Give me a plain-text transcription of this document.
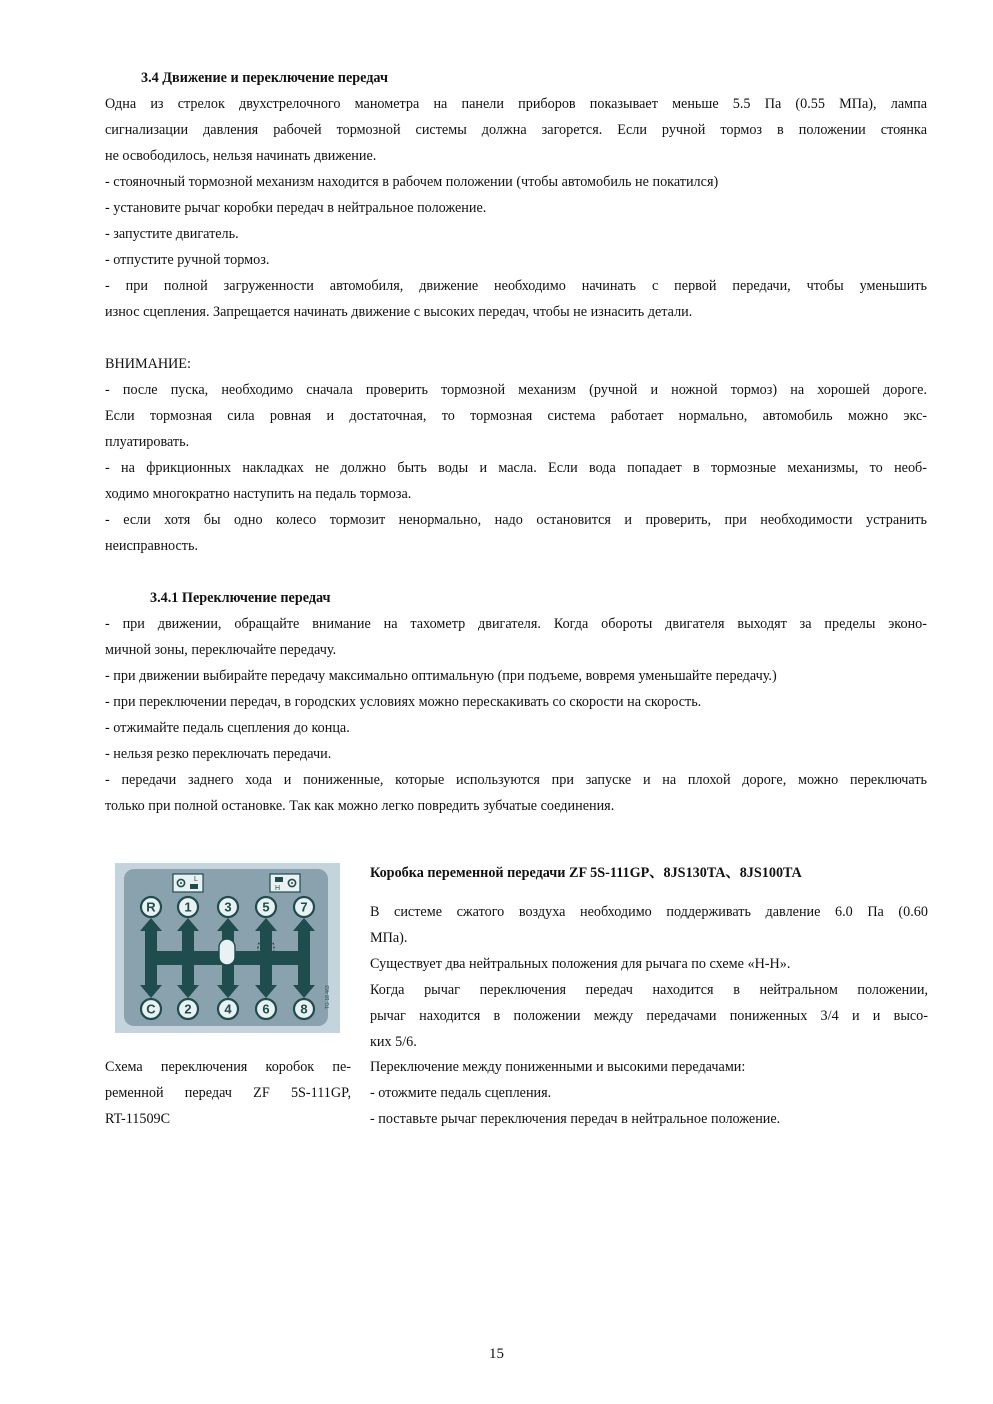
3.4 Движение и переключение передач
Одна из стрелок двухстрелочного манометра на панели приборов показывает меньше 5.5 Па (0.55 МПа), лампа
сигнализации давления рабочей тормозной системы должна загорется. Если ручной тормоз в положении стоянка
не освободилось, нельзя начинать движение.
- стояночный тормозной механизм находится в рабочем положении (чтобы автомобиль не покатился)
- установите рычаг коробки передач в нейтральное положение.
- запустите двигатель.
- отпустите ручной тормоз.
- при полной загруженности автомобиля, движение необходимо начинать с первой передачи, чтобы уменьшить
износ сцепления. Запрещается начинать движение с высоких передач, чтобы не изнасить детали.
ВНИМАНИЕ:
- после пуска, необходимо сначала проверить тормозной механизм (ручной и ножной тормоз) на хорошей дороге.
Если тормозная сила ровная и достаточная, то тормозная система работает нормально, автомобиль можно экс-
плуатировать.
- на фрикционных накладках не должно быть воды и масла. Если вода попадает в тормозные механизмы, то необ-
ходимо многократно наступить на педаль тормоза.
- если хотя бы одно колесо тормозит ненормально, надо остановится и проверить, при необходимости устранить
неисправность.
3.4.1 Переключение передач
- при движении, обращайте внимание на тахометр двигателя. Когда обороты двигателя выходят за пределы эконо-
мичной зоны, переключайте передачу.
- при движении выбирайте передачу максимально оптимальную (при подъеме, вовремя уменьшайте передачу.)
- при переключении передач, в городских условиях можно перескакивать со скорости на скорость.
- отжимайте педаль сцепления до конца.
- нельзя резко переключать передачи.
- передачи заднего хода и пониженные, которые используются при запуске и на плохой дороге, можно переключать
только при полной остановке. Так как можно легко повредить зубчатые соединения.
L
H
R 1	3 5 7
C 2	4 6 8	TG 18 463
Схема переключения коробок пе-
ременной передач ZF 5S-111GP,
RT-11509C
Коробка переменной передачи ZF 5S-111GP、8JS130TA、8JS100TA
В системе сжатого воздуха необходимо поддерживать давление 6.0 Па (0.60
МПа).
Существует два нейтральных положения для рычага по схеме «H-H».
Когда рычаг переключения передач находится в нейтральном положении,
рычаг находится в положении между передачами пониженных 3/4 и и высо-
ких 5/6.
Переключение между пониженными и высокими передачами:
- отожмите педаль сцепления.
- поставьте рычаг переключения передач в нейтральное положение.
15
